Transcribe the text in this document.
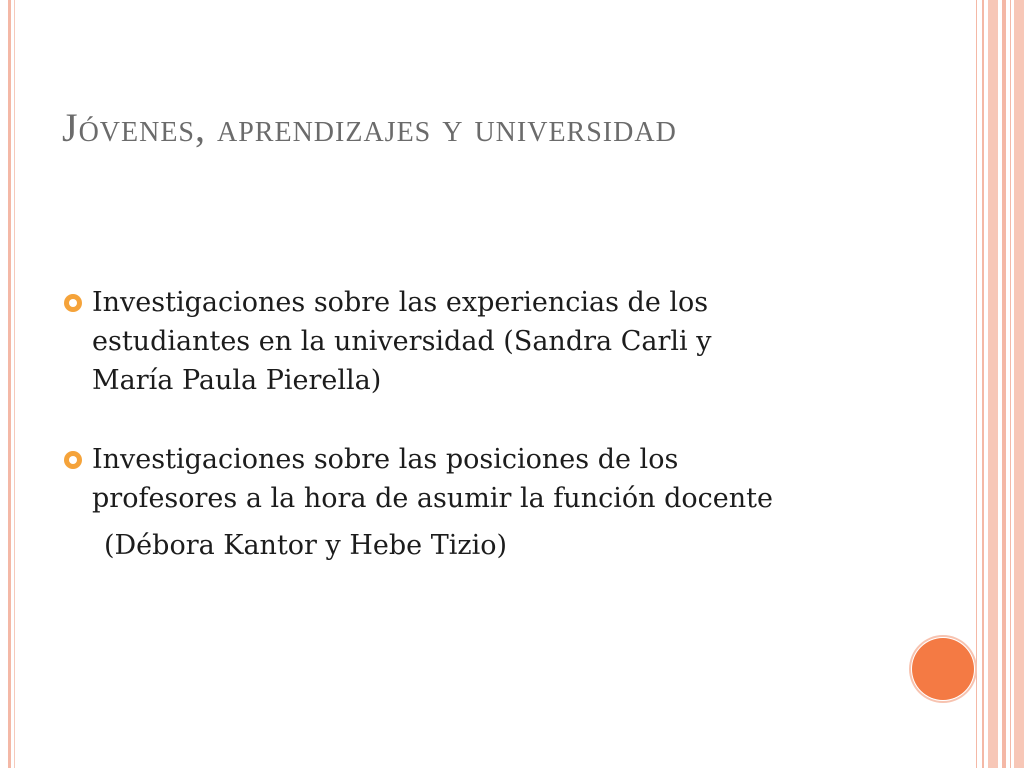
Jóvenes, aprendizajes y universidad
Investigaciones sobre las experiencias de los
estudiantes en la universidad (Sandra Carli y
María Paula Pierella)
Investigaciones sobre las posiciones de los
profesores a la hora de asumir la función docente
(Débora Kantor y Hebe Tizio)
